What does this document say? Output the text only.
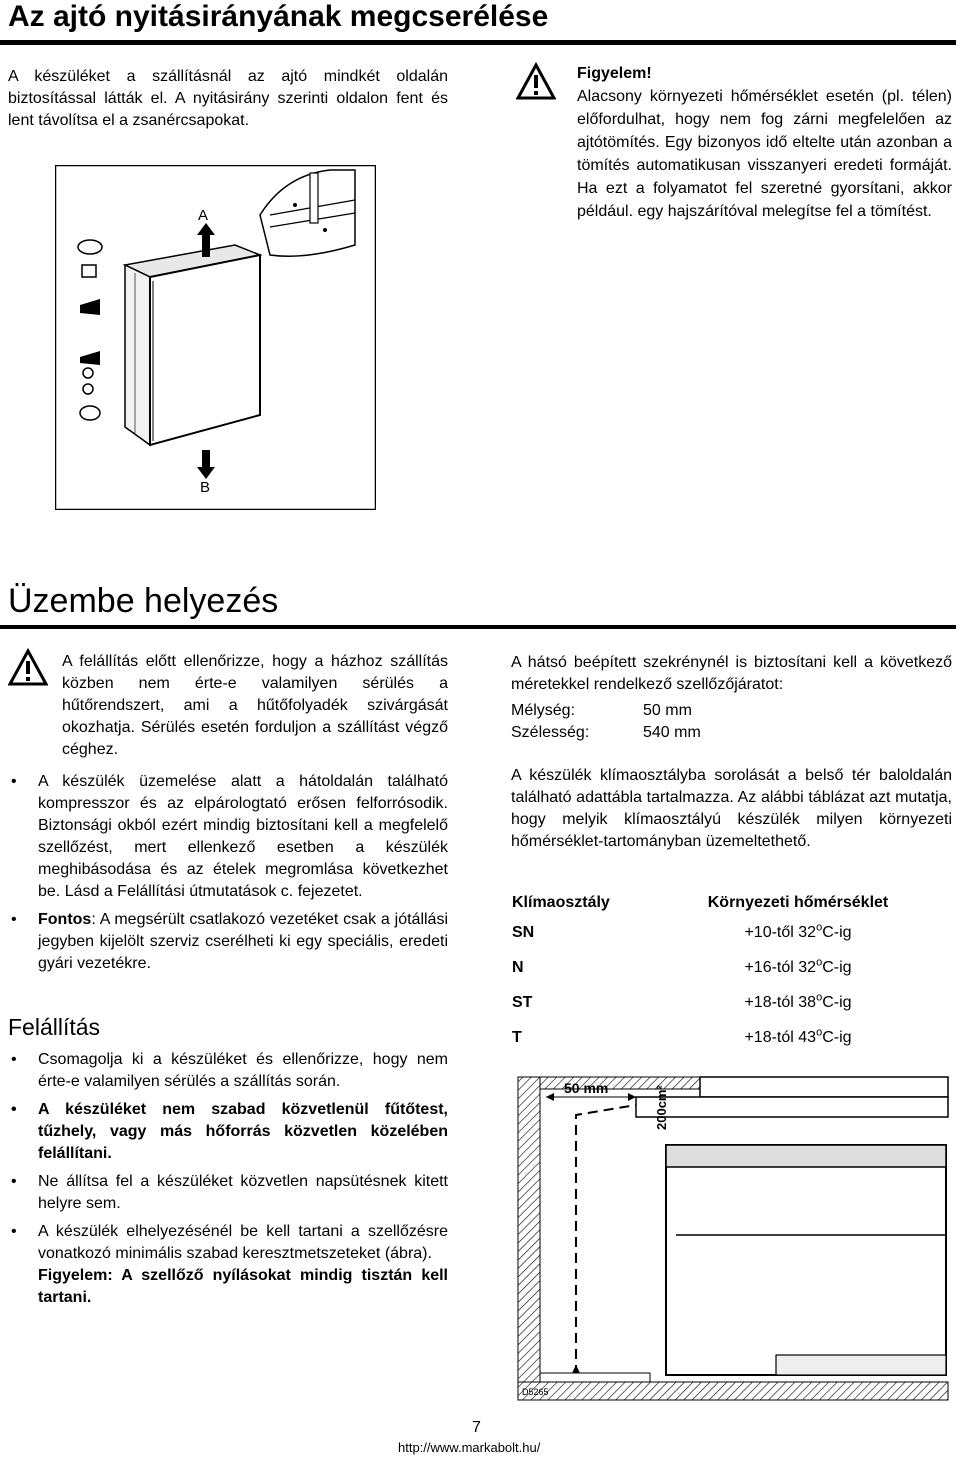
Az ajtó nyitásirányának megcserélése
A készüléket a szállításnál az ajtó mindkét oldalán biztosítással látták el. A nyitásirány szerinti oldalon fent és lent távolítsa el a zsanércsapokat.
Figyelem!
Alacsony környezeti hőmérséklet esetén (pl. télen) előfordulhat, hogy nem fog zárni megfelelően az ajtótömítés. Egy bizonyos idő eltelte után azonban a tömítés automatikusan visszanyeri eredeti formáját. Ha ezt a folyamatot fel szeretné gyorsítani, akkor például. egy hajszárítóval melegítse fel a tömítést.
A
B
Üzembe helyezés
A felállítás előtt ellenőrizze, hogy a házhoz szállítás közben nem érte-e valamilyen sérülés a hűtőrendszert, ami a hűtőfolyadék szivárgását okozhatja. Sérülés esetén forduljon a szállítást végző céghez.
• A készülék üzemelése alatt a hátoldalán található kompresszor és az elpárologtató erősen felforrósodik. Biztonsági okból ezért mindig biztosítani kell a megfelelő szellőzést, mert ellenkező esetben a készülék meghibásodása és az ételek megromlása következhet be. Lásd a Felállítási útmutatások c. fejezetet.
• Fontos: A megsérült csatlakozó vezetéket csak a jótállási jegyben kijelölt szerviz cserélheti ki egy speciális, eredeti gyári vezetékre.
Felállítás
• Csomagolja ki a készüléket és ellenőrizze, hogy nem érte-e valamilyen sérülés a szállítás során.
• A készüléket nem szabad közvetlenül fűtőtest, tűzhely, vagy más hőforrás közvetlen közelében felállítani.
• Ne állítsa fel a készüléket közvetlen napsütésnek kitett helyre sem.
• A készülék elhelyezésénél be kell tartani a szellőzésre vonatkozó minimális szabad keresztmetszeteket (ábra).
Figyelem: A szellőző nyílásokat mindig tisztán kell tartani.
A hátsó beépített szekrénynél is biztosítani kell a következő méretekkel rendelkező szellőzőjáratot:
Mélység:	50 mm
Szélesség:	540 mm
A készülék klímaosztályba sorolását a belső tér baloldalán található adattábla tartalmazza. Az alábbi táblázat azt mutatja, hogy melyik klímaosztályú készülék milyen környezeti hőmérséklet-tartományban üzemeltethető.
Klímaosztály	Környezeti hőmérséklet
SN	+10-től 32$^o$C-ig
N	+16-tól 32$^o$C-ig
ST	+18-tól 38$^o$C-ig
T	+18-tól 43$^o$C-ig
50 mm	200cm²
D5265
7
http://www.markabolt.hu/
